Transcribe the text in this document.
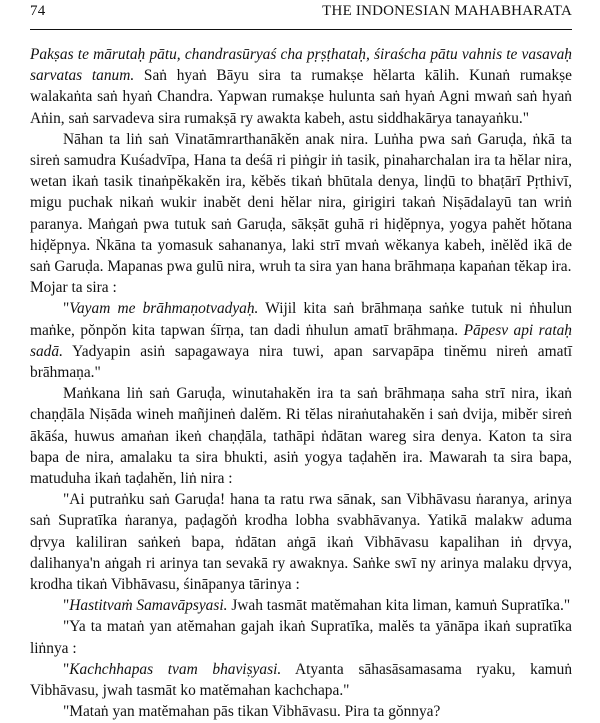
74	THE INDONESIAN MAHABHARATA

Pakṣas te mārutaḥ pātu, chandrasūryaś cha pṛṣṭhataḥ, śiraścha pātu vahnis te vasavaḥ sarvatas tanum. Saṅ hyaṅ Bāyu sira ta rumakṣe hĕlarta kālih. Kunaṅ rumakṣe walakaṅta saṅ hyaṅ Chandra. Yapwan rumakṣe hulunta saṅ hyaṅ Agni mwaṅ saṅ hyaṅ Aṅin, saṅ sarvadeva sira rumakṣā ry awakta kabeh, astu siddhakārya tanayaṅku."

Nāhan ta liṅ saṅ Vinatāmrarthanākĕn anak nira. Luṅha pwa saṅ Garuḍa, ṅkā ta sireṅ samudra Kuśadvīpa, Hana ta deśā ri piṅgir iṅ tasik, pinaharchalan ira ta hĕlar nira, wetan ikaṅ tasik tinaṅpĕkakĕn ira, kĕbĕs tikaṅ bhūtala denya, linḍū to bhaṭārī Pṛthivī, migu puchak nikaṅ wukir inabĕt deni hĕlar nira, girigiri takaṅ Niṣādalayū tan wriṅ paranya. Maṅgaṅ pwa tutuk saṅ Garuḍa, sākṣāt guhā ri hiḍĕpnya, yogya pahĕt hŏtana hiḍĕpnya. Ṅkāna ta yomasuk sahananya, laki strī mvaṅ wĕkanya kabeh, inĕlĕd ikā de saṅ Garuḍa. Mapanas pwa gulū nira, wruh ta sira yan hana brāhmaṇa kapaṅan tĕkap ira.

Mojar ta sira :

"Vayam me brāhmaṇotvadyaḥ. Wijil kita saṅ brāhmaṇa saṅke tutuk ni ṅhulun maṅke, pŏnpŏn kita tapwan śīrṇa, tan dadi ṅhulun amatī brāhmaṇa. Pāpesv api rataḥ sadā. Yadyapin asiṅ sapagawaya nira tuwi, apan sarvapāpa tinĕmu nireṅ amatī brāhmaṇa."

Maṅkana liṅ saṅ Garuḍa, winutahakĕn ira ta saṅ brāhmaṇa saha strī nira, ikaṅ chaṇḍāla Niṣāda wineh mañjineṅ dalĕm. Ri tĕlas niraṅutahakĕn i saṅ dvija, mibĕr sireṅ ākāśa, huwus amaṅan ikeṅ chaṇḍāla, tathāpi ṅdātan wareg sira denya. Katon ta sira bapa de nira, amalaku ta sira bhukti, asiṅ yogya taḍahĕn ira. Mawarah ta sira bapa, matuduha ikaṅ taḍahĕn, liṅ nira :

"Ai putraṅku saṅ Garuḍa! hana ta ratu rwa sānak, san Vibhāvasu ṅaranya, arinya saṅ Supratīka ṅaranya, paḍagŏṅ krodha lobha svabhāvanya. Yatikā malakw aduma dṛvya kaliliran saṅkeṅ bapa, ṅdātan aṅgā ikaṅ Vibhāvasu kapalihan iṅ dṛvya, dalihanya'n aṅgah ri arinya tan sevakā ry awaknya. Saṅke swī ny arinya malaku dṛvya, krodha tikaṅ Vibhāvasu, śināpanya tārinya :

"Hastitvaṁ Samavāpsyasi. Jwah tasmāt matĕmahan kita liman, kamuṅ Supratīka."

"Ya ta mataṅ yan atĕmahan gajah ikaṅ Supratīka, malĕs ta yānāpa ikaṅ supratīka liṅnya :

"Kachchhapas tvam bhaviṣyasi. Atyanta sāhasāsamasama ryaku, kamuṅ Vibhāvasu, jwah tasmāt ko matĕmahan kachchapa."

"Mataṅ yan matĕmahan pās tikan Vibhāvasu. Pira ta gŏnnya?
